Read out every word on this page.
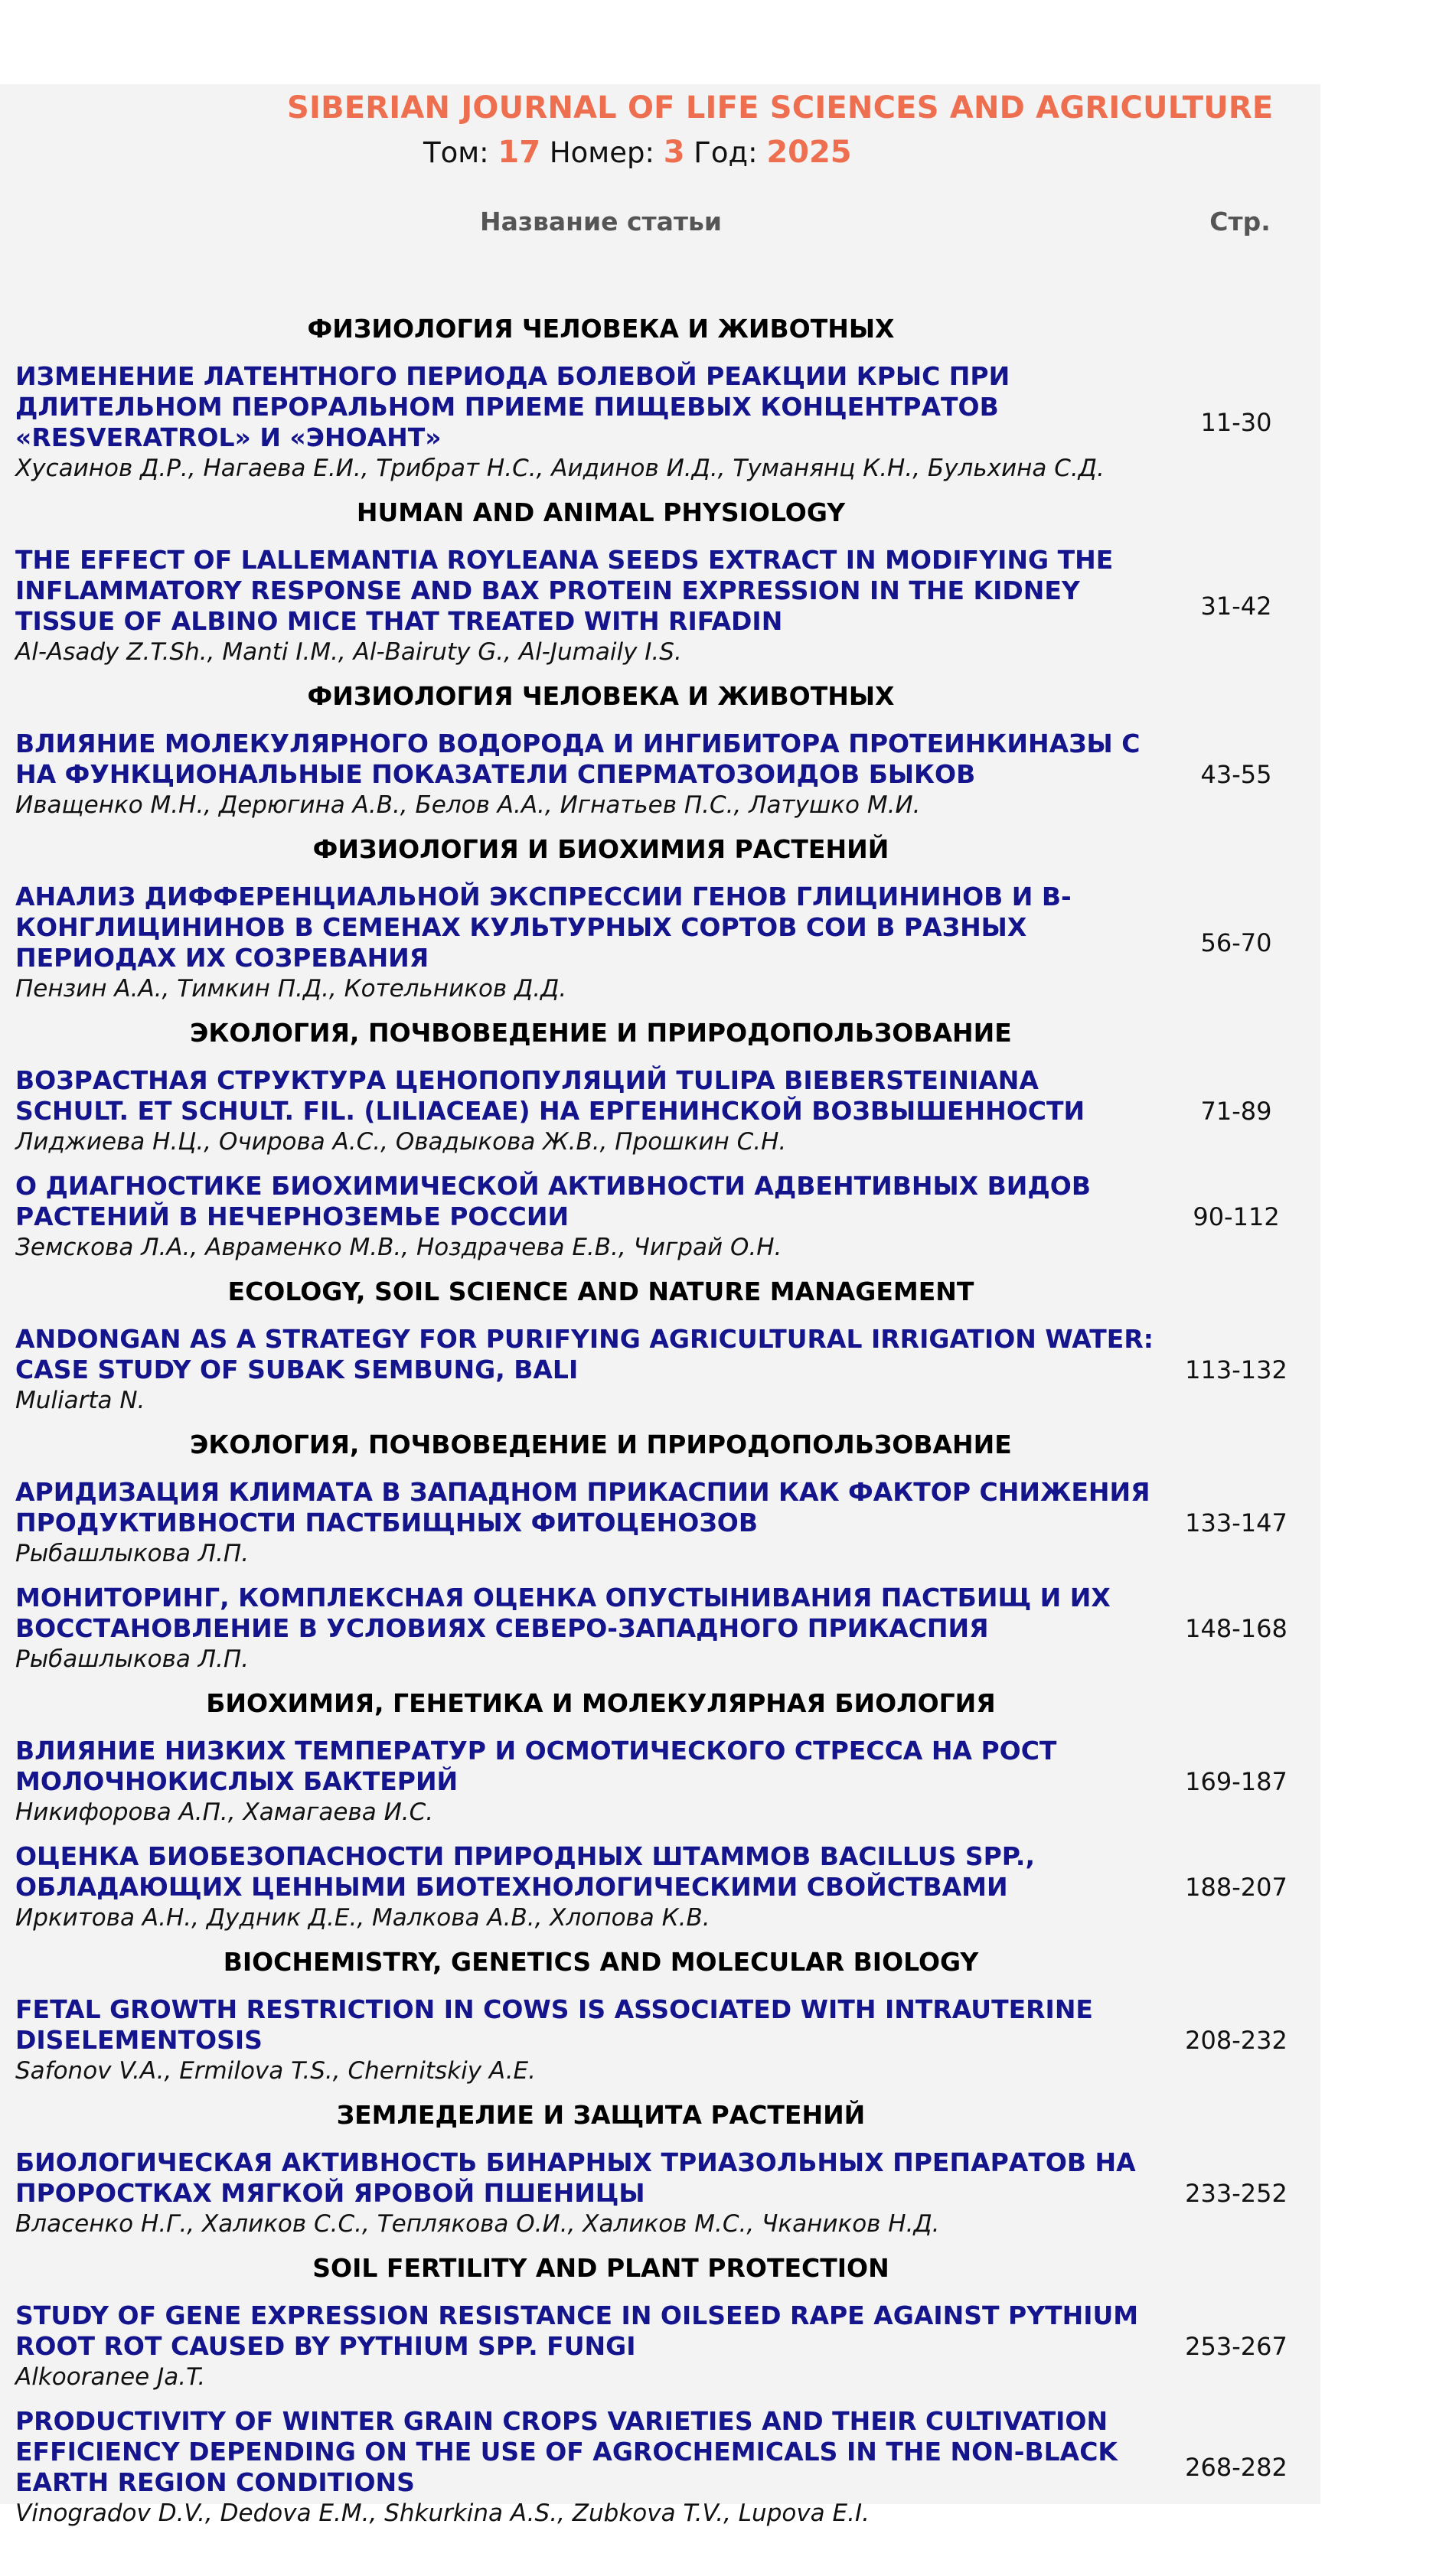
SIBERIAN JOURNAL OF LIFE SCIENCES AND AGRICULTURE
Том: 17 Номер: 3 Год: 2025
Название статьи	Стр.
ФИЗИОЛОГИЯ ЧЕЛОВЕКА И ЖИВОТНЫХ
ИЗМЕНЕНИЕ ЛАТЕНТНОГО ПЕРИОДА БОЛЕВОЙ РЕАКЦИИ КРЫС ПРИ ДЛИТЕЛЬНОМ ПЕРОРАЛЬНОМ ПРИЕМЕ ПИЩЕВЫХ КОНЦЕНТРАТОВ «RESVERATROL» И «ЭНОАНТ»
Хусаинов Д.Р., Нагаева Е.И., Трибрат Н.С., Аидинов И.Д., Туманянц К.Н., Бульхина С.Д.
11-30
HUMAN AND ANIMAL PHYSIOLOGY
THE EFFECT OF LALLEMANTIA ROYLEANA SEEDS EXTRACT IN MODIFYING THE INFLAMMATORY RESPONSE AND BAX PROTEIN EXPRESSION IN THE KIDNEY TISSUE OF ALBINO MICE THAT TREATED WITH RIFADIN
Al-Asady Z.T.Sh., Manti I.M., Al-Bairuty G., Al-Jumaily I.S.
31-42
ФИЗИОЛОГИЯ ЧЕЛОВЕКА И ЖИВОТНЫХ
ВЛИЯНИЕ МОЛЕКУЛЯРНОГО ВОДОРОДА И ИНГИБИТОРА ПРОТЕИНКИНАЗЫ С НА ФУНКЦИОНАЛЬНЫЕ ПОКАЗАТЕЛИ СПЕРМАТОЗОИДОВ БЫКОВ
Иващенко М.Н., Дерюгина А.В., Белов А.А., Игнатьев П.С., Латушко М.И.
43-55
ФИЗИОЛОГИЯ И БИОХИМИЯ РАСТЕНИЙ
АНАЛИЗ ДИФФЕРЕНЦИАЛЬНОЙ ЭКСПРЕССИИ ГЕНОВ ГЛИЦИНИНОВ И В-КОНГЛИЦИНИНОВ В СЕМЕНАХ КУЛЬТУРНЫХ СОРТОВ СОИ В РАЗНЫХ ПЕРИОДАХ ИХ СОЗРЕВАНИЯ
Пензин А.А., Тимкин П.Д., Котельников Д.Д.
56-70
ЭКОЛОГИЯ, ПОЧВОВЕДЕНИЕ И ПРИРОДОПОЛЬЗОВАНИЕ
ВОЗРАСТНАЯ СТРУКТУРА ЦЕНОПОПУЛЯЦИЙ TULIPA BIEBERSTEINIANA SCHULT. ET SCHULT. FIL. (LILIACEAE) НА ЕРГЕНИНСКОЙ ВОЗВЫШЕННОСТИ
Лиджиева Н.Ц., Очирова А.С., Овадыкова Ж.В., Прошкин С.Н.
71-89
О ДИАГНОСТИКЕ БИОХИМИЧЕСКОЙ АКТИВНОСТИ АДВЕНТИВНЫХ ВИДОВ РАСТЕНИЙ В НЕЧЕРНОЗЕМЬЕ РОССИИ
Земскова Л.А., Авраменко М.В., Ноздрачева Е.В., Чиграй О.Н.
90-112
ECOLOGY, SOIL SCIENCE AND NATURE MANAGEMENT
ANDONGAN AS A STRATEGY FOR PURIFYING AGRICULTURAL IRRIGATION WATER: CASE STUDY OF SUBAK SEMBUNG, BALI
Muliarta N.
113-132
ЭКОЛОГИЯ, ПОЧВОВЕДЕНИЕ И ПРИРОДОПОЛЬЗОВАНИЕ
АРИДИЗАЦИЯ КЛИМАТА В ЗАПАДНОМ ПРИКАСПИИ КАК ФАКТОР СНИЖЕНИЯ ПРОДУКТИВНОСТИ ПАСТБИЩНЫХ ФИТОЦЕНОЗОВ
Рыбашлыкова Л.П.
133-147
МОНИТОРИНГ, КОМПЛЕКСНАЯ ОЦЕНКА ОПУСТЫНИВАНИЯ ПАСТБИЩ И ИХ ВОССТАНОВЛЕНИЕ В УСЛОВИЯХ СЕВЕРО-ЗАПАДНОГО ПРИКАСПИЯ
Рыбашлыкова Л.П.
148-168
БИОХИМИЯ, ГЕНЕТИКА И МОЛЕКУЛЯРНАЯ БИОЛОГИЯ
ВЛИЯНИЕ НИЗКИХ ТЕМПЕРАТУР И ОСМОТИЧЕСКОГО СТРЕССА НА РОСТ МОЛОЧНОКИСЛЫХ БАКТЕРИЙ
Никифорова А.П., Хамагаева И.С.
169-187
ОЦЕНКА БИОБЕЗОПАСНОСТИ ПРИРОДНЫХ ШТАММОВ BACILLUS SPP., ОБЛАДАЮЩИХ ЦЕННЫМИ БИОТЕХНОЛОГИЧЕСКИМИ СВОЙСТВАМИ
Иркитова А.Н., Дудник Д.Е., Малкова А.В., Хлопова К.В.
188-207
BIOCHEMISTRY, GENETICS AND MOLECULAR BIOLOGY
FETAL GROWTH RESTRICTION IN COWS IS ASSOCIATED WITH INTRAUTERINE DISELEMENTOSIS
Safonov V.A., Ermilova T.S., Chernitskiy A.E.
208-232
ЗЕМЛЕДЕЛИЕ И ЗАЩИТА РАСТЕНИЙ
БИОЛОГИЧЕСКАЯ АКТИВНОСТЬ БИНАРНЫХ ТРИАЗОЛЬНЫХ ПРЕПАРАТОВ НА ПРОРОСТКАХ МЯГКОЙ ЯРОВОЙ ПШЕНИЦЫ
Власенко Н.Г., Халиков С.С., Теплякова О.И., Халиков М.С., Чкаников Н.Д.
233-252
SOIL FERTILITY AND PLANT PROTECTION
STUDY OF GENE EXPRESSION RESISTANCE IN OILSEED RAPE AGAINST PYTHIUM ROOT ROT CAUSED BY PYTHIUM SPP. FUNGI
Alkooranee Ja.T.
253-267
PRODUCTIVITY OF WINTER GRAIN CROPS VARIETIES AND THEIR CULTIVATION EFFICIENCY DEPENDING ON THE USE OF AGROCHEMICALS IN THE NON-BLACK EARTH REGION CONDITIONS
Vinogradov D.V., Dedova E.M., Shkurkina A.S., Zubkova T.V., Lupova E.I.
268-282
